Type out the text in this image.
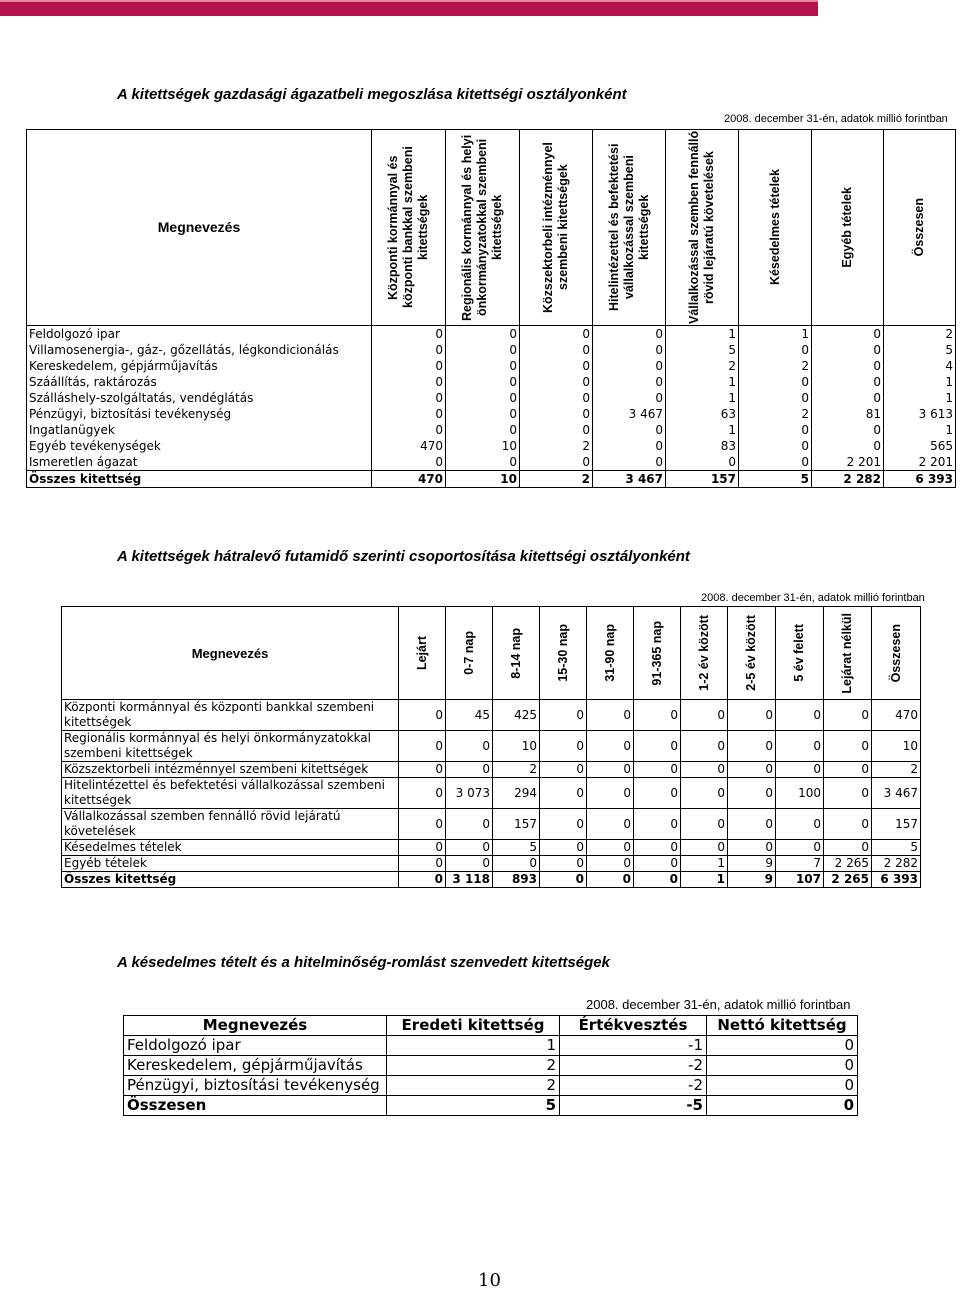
A kitettségek gazdasági ágazatbeli megoszlása kitettségi osztályonként
2008. december 31-én, adatok millió forintban
Megnevezés	Központi kormánnyal és központi bankkal szembeni kitettségek	Regionális kormánnyal és helyi önkormányzatokkal szembeni kitettségek	Közszektorbeli intézménnyel szembeni kitettségek	Hitelintézettel és befektetési vállalkozással szembeni kitettségek	Vállalkozással szemben fennálló rövid lejáratú követelések	Késedelmes tételek	Egyéb tételek	Összesen

Feldolgozó ipar	0	0	0	0	1	1	0	2
Villamosenergia-, gáz-, gőzellátás, légkondicionálás	0	0	0	0	5	0	0	5
Kereskedelem, gépjárműjavítás	0	0	0	0	2	2	0	4
Száállítás, raktározás	0	0	0	0	1	0	0	1
Szálláshely-szolgáltatás, vendéglátás	0	0	0	0	1	0	0	1
Pénzügyi, biztosítási tevékenység	0	0	0	3 467	63	2	81	3 613
Ingatlanügyek	0	0	0	0	1	0	0	1
Egyéb tevékenységek	470	10	2	0	83	0	0	565
Ismeretlen ágazat	0	0	0	0	0	0	2 201	2 201
Összes kitettség	470	10	2	3 467	157	5	2 282	6 393
A kitettségek hátralevő futamidő szerinti csoportosítása kitettségi osztályonként
2008. december 31-én, adatok millió forintban
Megnevezés	Lejárt	0-7 nap	8-14 nap	15-30 nap	31-90 nap	91-365 nap	1-2 év között	2-5 év között	5 év felett	Lejárat nélkül	Összesen

Központi kormánnyal és központi bankkal szembeni kitettségek	0	45	425	0	0	0	0	0	0	0	470
Regionális kormánnyal és helyi önkormányzatokkal szembeni kitettségek	0	0	10	0	0	0	0	0	0	0	10
Közszektorbeli intézménnyel szembeni kitettségek	0	0	2	0	0	0	0	0	0	0	2
Hitelintézettel és befektetési vállalkozással szembeni kitettségek	0	3 073	294	0	0	0	0	0	100	0	3 467
Vállalkozással szemben fennálló rövid lejáratú követelések	0	0	157	0	0	0	0	0	0	0	157
Késedelmes tételek	0	0	5	0	0	0	0	0	0	0	5
Egyéb tételek	0	0	0	0	0	0	1	9	7	2 265	2 282
Összes kitettség	0	3 118	893	0	0	0	1	9	107	2 265	6 393
A késedelmes tételt és a hitelminőség-romlást szenvedett kitettségek
2008. december 31-én, adatok millió forintban
Megnevezés	Eredeti kitettség	Értékvesztés	Nettó kitettség
Feldolgozó ipar	1	-1	0
Kereskedelem, gépjárműjavítás	2	-2	0
Pénzügyi, biztosítási tevékenység	2	-2	0
Összesen	5	-5	0
10
